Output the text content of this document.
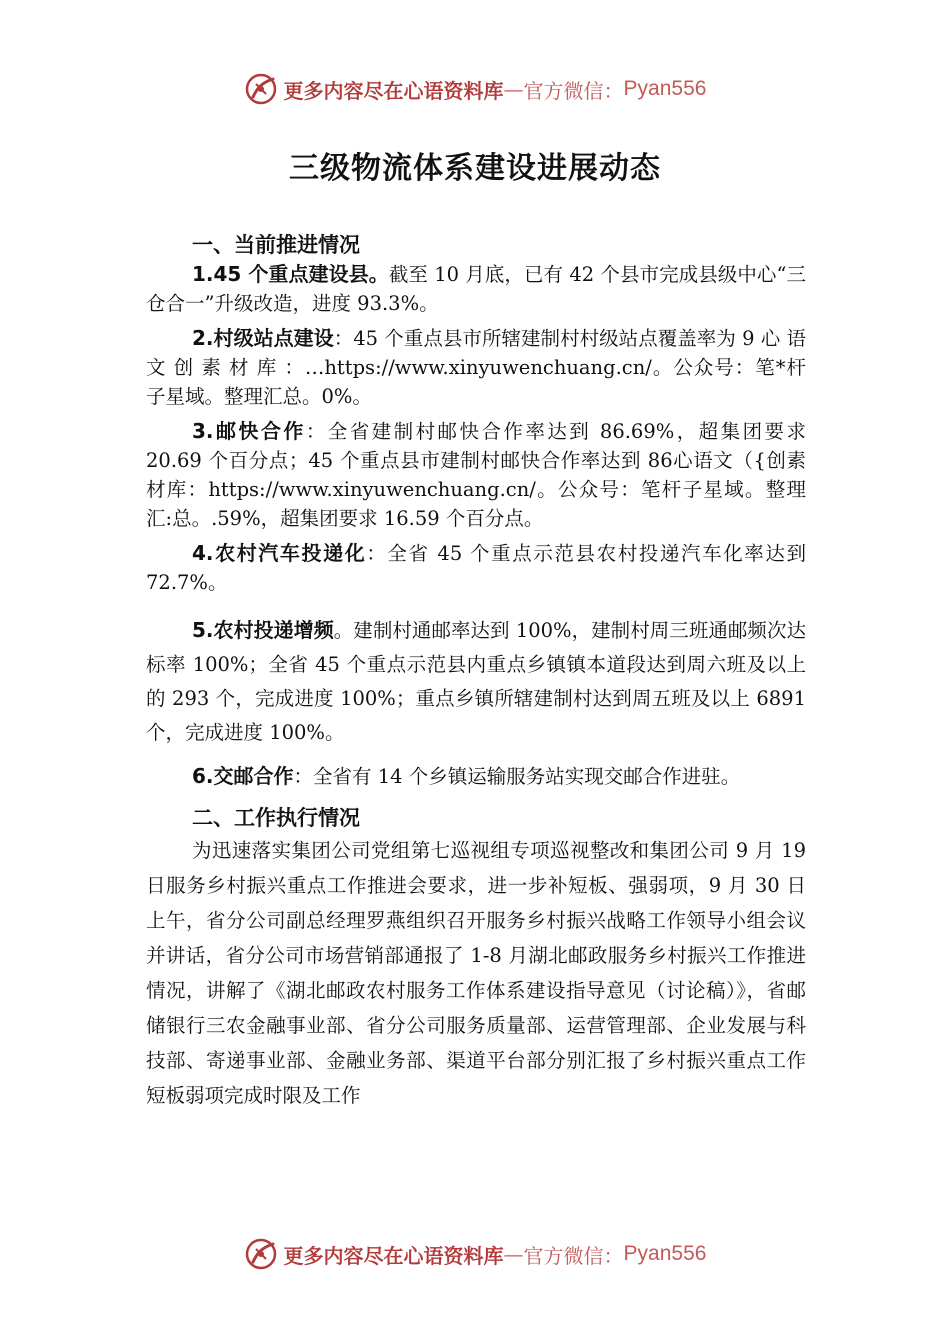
更多内容尽在心语资料库 — 官方微信： Pyan556
三级物流体系建设进展动态
一、当前推进情况

1.45 个重点建设县。截至 10 月底，已有 42 个县市完成县级中心“三仓合一”升级改造，进度 93.3%。

2.村级站点建设：45 个重点县市所辖建制村村级站点覆盖率为 9 心 语 文 创 素 材 库 ：…https://www.xinyuwenchuang.cn/。公众号：笔*杆子星域。整理汇总。0%。

3.邮快合作：全省建制村邮快合作率达到 86.69%，超集团要求 20.69 个百分点；45 个重点县市建制村邮快合作率达到 86心语文（{创素材库：https://www.xinyuwenchuang.cn/。公众号：笔杆子星域。整理汇:总。.59%，超集团要求 16.59 个百分点。

4.农村汽车投递化：全省 45 个重点示范县农村投递汽车化率达到 72.7%。

5.农村投递增频。建制村通邮率达到 100%，建制村周三班通邮频次达标率 100%；全省 45 个重点示范县内重点乡镇镇本道段达到周六班及以上的 293 个，完成进度 100%；重点乡镇所辖建制村达到周五班及以上 6891 个，完成进度 100%。

6.交邮合作：全省有 14 个乡镇运输服务站实现交邮合作进驻。

二、工作执行情况

为迅速落实集团公司党组第七巡视组专项巡视整改和集团公司 9 月 19 日服务乡村振兴重点工作推进会要求，进一步补短板、强弱项，9 月 30 日上午，省分公司副总经理罗燕组织召开服务乡村振兴战略工作领导小组会议并讲话，省分公司市场营销部通报了 1-8 月湖北邮政服务乡村振兴工作推进情况，讲解了《湖北邮政农村服务工作体系建设指导意见（讨论稿）》，省邮储银行三农金融事业部、省分公司服务质量部、运营管理部、企业发展与科技部、寄递事业部、金融业务部、渠道平台部分别汇报了乡村振兴重点工作短板弱项完成时限及工作

更多内容尽在心语资料库 — 官方微信： Pyan556
